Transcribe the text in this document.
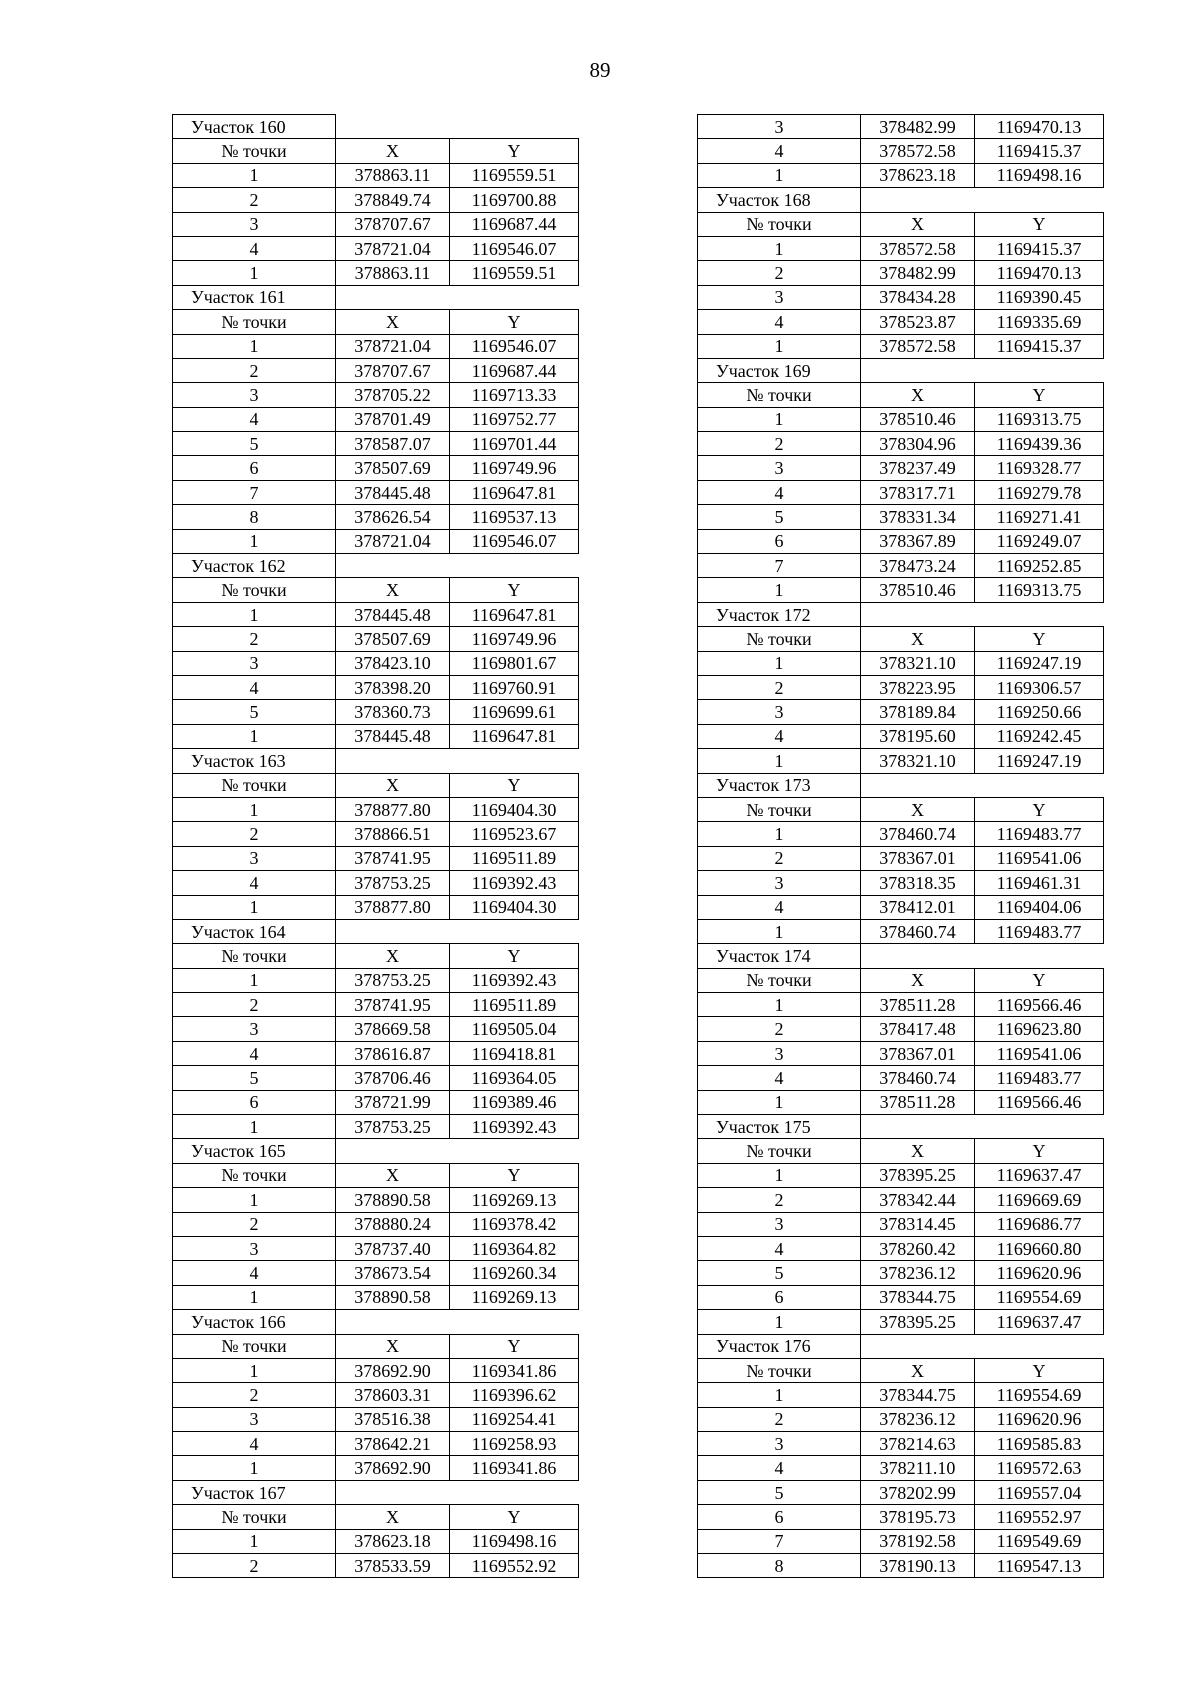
89
Участок 160		
№ точки	X	Y
1	378863.11	1169559.51
2	378849.74	1169700.88
3	378707.67	1169687.44
4	378721.04	1169546.07
1	378863.11	1169559.51
Участок 161		
№ точки	X	Y
1	378721.04	1169546.07
2	378707.67	1169687.44
3	378705.22	1169713.33
4	378701.49	1169752.77
5	378587.07	1169701.44
6	378507.69	1169749.96
7	378445.48	1169647.81
8	378626.54	1169537.13
1	378721.04	1169546.07
Участок 162		
№ точки	X	Y
1	378445.48	1169647.81
2	378507.69	1169749.96
3	378423.10	1169801.67
4	378398.20	1169760.91
5	378360.73	1169699.61
1	378445.48	1169647.81
Участок 163		
№ точки	X	Y
1	378877.80	1169404.30
2	378866.51	1169523.67
3	378741.95	1169511.89
4	378753.25	1169392.43
1	378877.80	1169404.30
Участок 164		
№ точки	X	Y
1	378753.25	1169392.43
2	378741.95	1169511.89
3	378669.58	1169505.04
4	378616.87	1169418.81
5	378706.46	1169364.05
6	378721.99	1169389.46
1	378753.25	1169392.43
Участок 165		
№ точки	X	Y
1	378890.58	1169269.13
2	378880.24	1169378.42
3	378737.40	1169364.82
4	378673.54	1169260.34
1	378890.58	1169269.13
Участок 166		
№ точки	X	Y
1	378692.90	1169341.86
2	378603.31	1169396.62
3	378516.38	1169254.41
4	378642.21	1169258.93
1	378692.90	1169341.86
Участок 167		
№ точки	X	Y
1	378623.18	1169498.16
2	378533.59	1169552.92
3	378482.99	1169470.13
4	378572.58	1169415.37
1	378623.18	1169498.16
Участок 168		
№ точки	X	Y
1	378572.58	1169415.37
2	378482.99	1169470.13
3	378434.28	1169390.45
4	378523.87	1169335.69
1	378572.58	1169415.37
Участок 169		
№ точки	X	Y
1	378510.46	1169313.75
2	378304.96	1169439.36
3	378237.49	1169328.77
4	378317.71	1169279.78
5	378331.34	1169271.41
6	378367.89	1169249.07
7	378473.24	1169252.85
1	378510.46	1169313.75
Участок 172		
№ точки	X	Y
1	378321.10	1169247.19
2	378223.95	1169306.57
3	378189.84	1169250.66
4	378195.60	1169242.45
1	378321.10	1169247.19
Участок 173		
№ точки	X	Y
1	378460.74	1169483.77
2	378367.01	1169541.06
3	378318.35	1169461.31
4	378412.01	1169404.06
1	378460.74	1169483.77
Участок 174		
№ точки	X	Y
1	378511.28	1169566.46
2	378417.48	1169623.80
3	378367.01	1169541.06
4	378460.74	1169483.77
1	378511.28	1169566.46
Участок 175		
№ точки	X	Y
1	378395.25	1169637.47
2	378342.44	1169669.69
3	378314.45	1169686.77
4	378260.42	1169660.80
5	378236.12	1169620.96
6	378344.75	1169554.69
1	378395.25	1169637.47
Участок 176		
№ точки	X	Y
1	378344.75	1169554.69
2	378236.12	1169620.96
3	378214.63	1169585.83
4	378211.10	1169572.63
5	378202.99	1169557.04
6	378195.73	1169552.97
7	378192.58	1169549.69
8	378190.13	1169547.13
